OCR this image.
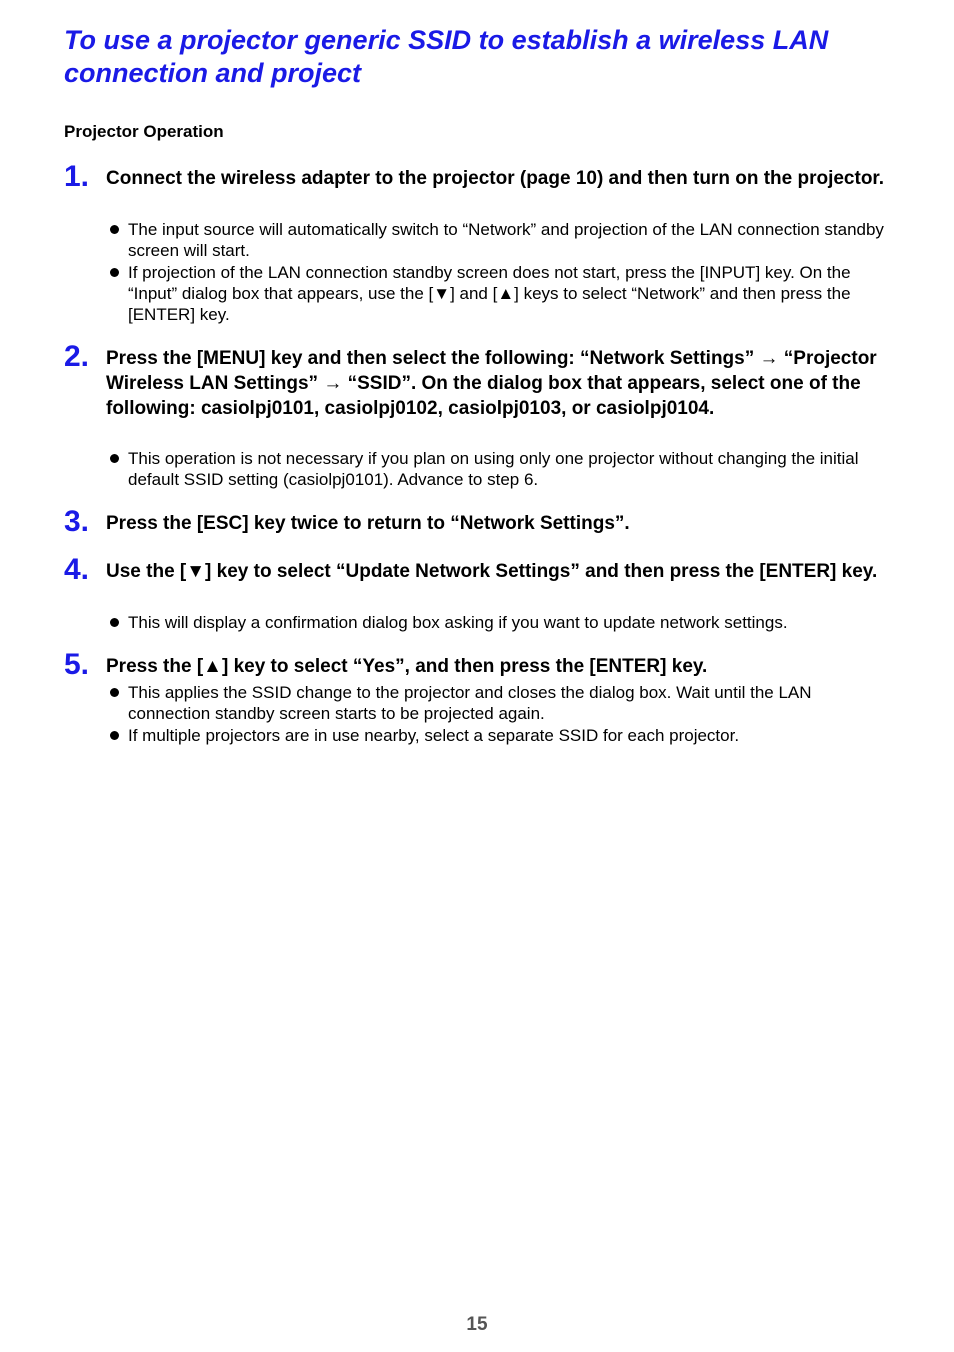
To use a projector generic SSID to establish a wireless LAN connection and project
Projector Operation
1. Connect the wireless adapter to the projector (page 10) and then turn on the projector.

The input source will automatically switch to “Network” and projection of the LAN connection standby screen will start.
If projection of the LAN connection standby screen does not start, press the [INPUT] key. On the “Input” dialog box that appears, use the [▼] and [▲] keys to select “Network” and then press the [ENTER] key.
2. Press the [MENU] key and then select the following: “Network Settings” → “Projector Wireless LAN Settings” → “SSID”. On the dialog box that appears, select one of the following: casiolpj0101, casiolpj0102, casiolpj0103, or casiolpj0104.

This operation is not necessary if you plan on using only one projector without changing the initial default SSID setting (casiolpj0101). Advance to step 6.
3. Press the [ESC] key twice to return to “Network Settings”.

4. Use the [▼] key to select “Update Network Settings” and then press the [ENTER] key.

This will display a confirmation dialog box asking if you want to update network settings.
5. Press the [▲] key to select “Yes”, and then press the [ENTER] key.

This applies the SSID change to the projector and closes the dialog box. Wait until the LAN connection standby screen starts to be projected again.
If multiple projectors are in use nearby, select a separate SSID for each projector.
15
